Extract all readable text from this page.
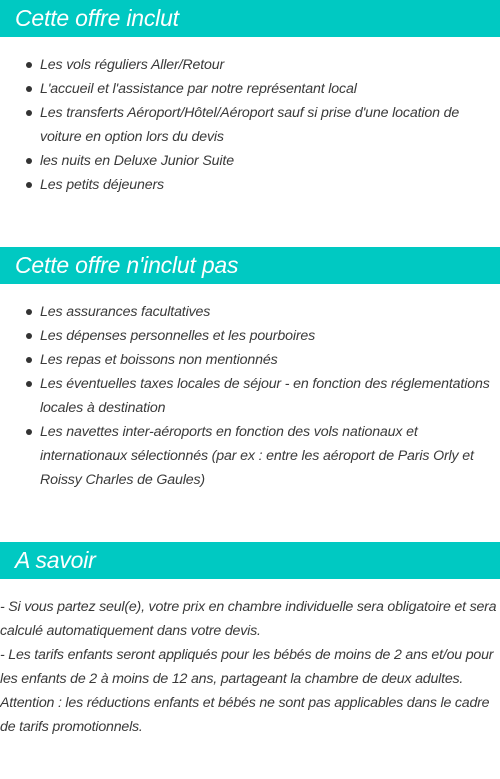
Cette offre inclut
Les vols réguliers Aller/Retour
L'accueil et l'assistance par notre représentant local
Les transferts Aéroport/Hôtel/Aéroport sauf si prise d'une location de voiture en option lors du devis
les nuits en Deluxe Junior Suite
Les petits déjeuners
Cette offre n'inclut pas
Les assurances facultatives
Les dépenses personnelles et les pourboires
Les repas et boissons non mentionnés
Les éventuelles taxes locales de séjour - en fonction des réglementations locales à destination
Les navettes inter-aéroports en fonction des vols nationaux et internationaux sélectionnés (par ex : entre les aéroport de Paris Orly et Roissy Charles de Gaules)
A savoir
- Si vous partez seul(e), votre prix en chambre individuelle sera obligatoire et sera calculé automatiquement dans votre devis.
- Les tarifs enfants seront appliqués pour les bébés de moins de 2 ans et/ou pour les enfants de 2 à moins de 12 ans, partageant la chambre de deux adultes.
Attention : les réductions enfants et bébés ne sont pas applicables dans le cadre de tarifs promotionnels.
